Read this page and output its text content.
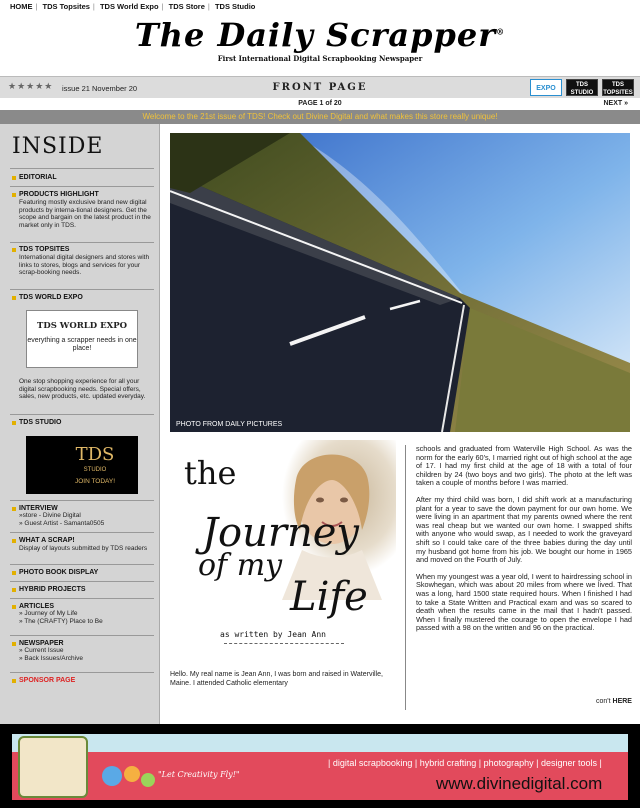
HOME | TDS Topsites | TDS World Expo | TDS Store | TDS Studio
The Daily Scrapper®
First International Digital Scrapbooking Newspaper
★★★★★ issue 21 November 20	FRONT PAGE	EXPO	TDS STUDIO
TDS TOPSITES
PAGE 1 of 20	NEXT »
Welcome to the 21st issue of TDS! Check out Divine Digital and what makes this store really unique!
INSIDE
EDITORIAL
PRODUCTS HIGHLIGHT
Featuring mostly exclusive brand new digital products by interna-tional designers. Get the scope and bargain on the latest product in the market only in TDS.
TDS TOPSITES
International digital designers and stores with links to stores, blogs and services for your scrap-booking needs.
TDS WORLD EXPO
TDS WORLD EXPO
everything a scrapper needs in one place!
One stop shopping experience for all your digital scrapbooking needs. Special offers, sales, new products, etc. updated everyday.
TDS STUDIO
TDS
STUDIO
JOIN TODAY!
INTERVIEW
»store - Divine Digital
» Guest Artist - Samanta0505
WHAT A SCRAP!
Display of layouts submitted by TDS readers
PHOTO BOOK DISPLAY
HYBRID PROJECTS
ARTICLES
» Journey of My Life
» The (CRAFTY) Place to Be
NEWSPAPER
» Current Issue
» Back Issues/Archive
SPONSOR PAGE
PHOTO FROM DAILY PICTURES
the
Journey
of my
Life
as written by Jean Ann
Hello. My real name is Jean Ann, I was born and raised in Waterville, Maine. I attended Catholic elementary

schools and graduated from Waterville High School. As was the norm for the early 60's, I married right out of high school at the age of 17. I had my first child at the age of 18 with a total of four children by 24 (two boys and two girls). The photo at the left was taken a couple of months before I was married.

After my third child was born, I did shift work at a manufacturing plant for a year to save the down payment for our own home. We were living in an apartment that my parents owned where the rent was real cheap but we wanted our own home. I swapped shifts with anyone who would swap, as I needed to work the graveyard shift so I could take care of the three babies during the day until my husband got home from his job. We bought our home in 1965 and moved on the Fourth of July.

When my youngest was a year old, I went to hairdressing school in Skowhegan, which was about 20 miles from where we lived. That was a long, hard 1500 state required hours. When I finished I had to take a State Written and Practical exam and was so scared to death when the results came in the mail that I hadn't passed. When I finally mustered the courage to open the envelope I had passed with a 98 on the written and 96 on the practical.

con't HERE
"Let Creativity Fly!"
| digital scrapbooking | hybrid crafting | photography | designer tools |
www.divinedigital.com
